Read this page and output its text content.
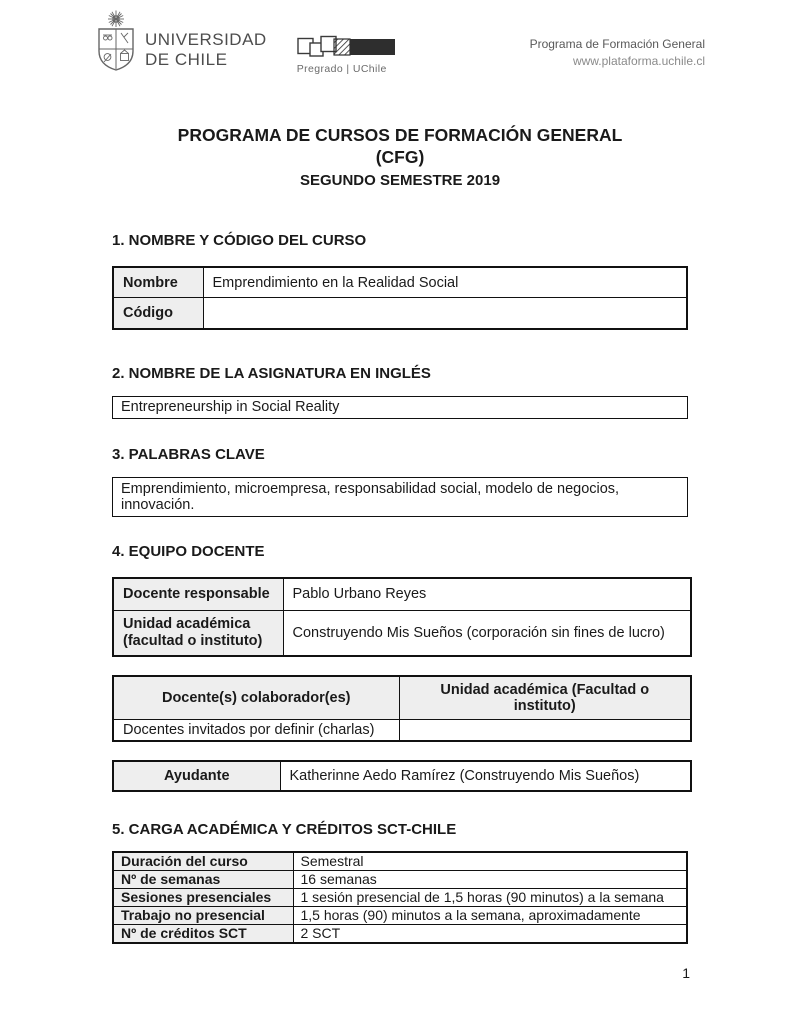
UNIVERSIDAD
DE CHILE
Pregrado | UChile
Programa de Formación General
www.plataforma.uchile.cl
PROGRAMA DE CURSOS DE FORMACIÓN GENERAL
(CFG)
SEGUNDO SEMESTRE 2019
1. NOMBRE Y CÓDIGO DEL CURSO
Nombre	Emprendimiento en la Realidad Social
Código	
2. NOMBRE DE LA ASIGNATURA EN INGLÉS
Entrepreneurship in Social Reality
3. PALABRAS CLAVE
Emprendimiento, microempresa, responsabilidad social, modelo de negocios, innovación.
4. EQUIPO DOCENTE
Docente responsable	Pablo Urbano Reyes
Unidad académica (facultad o instituto)	Construyendo Mis Sueños (corporación sin fines de lucro)
Docente(s) colaborador(es)	Unidad académica (Facultad o instituto)
Docentes invitados por definir (charlas)	
Ayudante	Katherinne Aedo Ramírez (Construyendo Mis Sueños)
5. CARGA ACADÉMICA Y CRÉDITOS SCT-CHILE
Duración del curso	Semestral
Nº de semanas	16 semanas
Sesiones presenciales	1 sesión presencial de 1,5 horas (90 minutos) a la semana
Trabajo no presencial	1,5 horas (90) minutos a la semana, aproximadamente
Nº de créditos SCT	2 SCT
1
